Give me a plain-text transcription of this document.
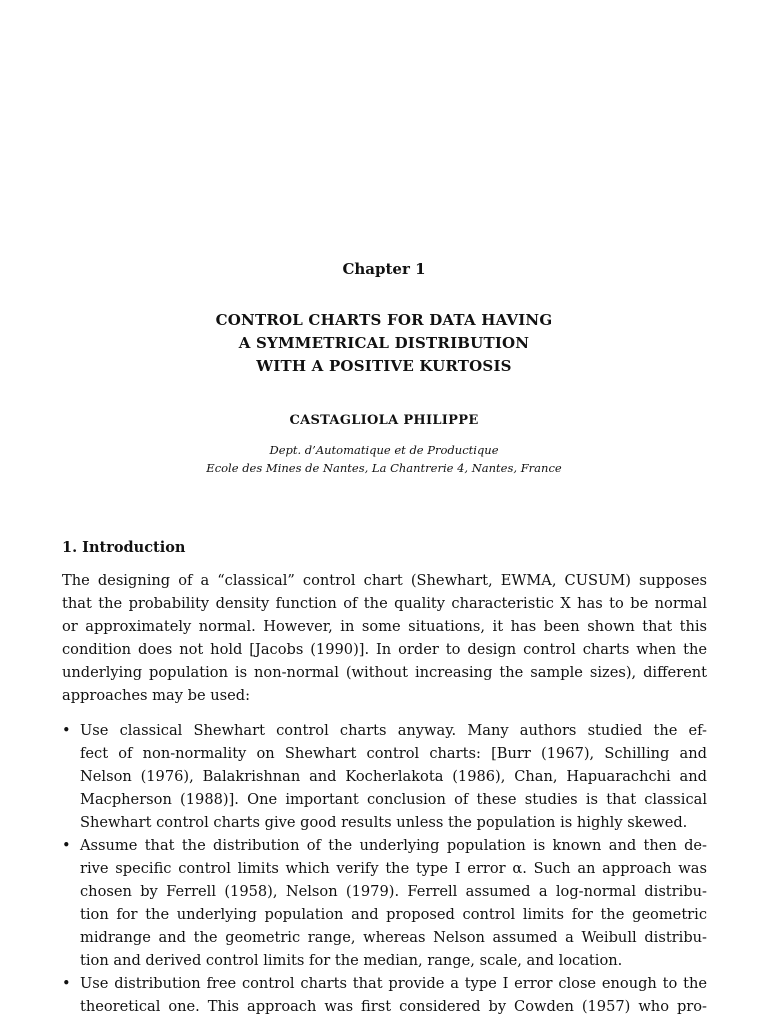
Chapter 1
CONTROL CHARTS FOR DATA HAVING
A SYMMETRICAL DISTRIBUTION
WITH A POSITIVE KURTOSIS
CASTAGLIOLA PHILIPPE
Dept. d’Automatique et de Productique
Ecole des Mines de Nantes, La Chantrerie 4, Nantes, France
1. Introduction
The designing of a “classical” control chart (Shewhart, EWMA, CUSUM) supposes
that the probability density function of the quality characteristic X has to be normal
or approximately normal. However, in some situations, it has been shown that this
condition does not hold [Jacobs (1990)]. In order to design control charts when the
underlying population is non-normal (without increasing the sample sizes), different
approaches may be used:
• Use classical Shewhart control charts anyway. Many authors studied the ef-
fect of non-normality on Shewhart control charts: [Burr (1967), Schilling and
Nelson (1976), Balakrishnan and Kocherlakota (1986), Chan, Hapuarachchi and
Macpherson (1988)]. One important conclusion of these studies is that classical
Shewhart control charts give good results unless the population is highly skewed.
• Assume that the distribution of the underlying population is known and then de-
rive specific control limits which verify the type I error α. Such an approach was
chosen by Ferrell (1958), Nelson (1979). Ferrell assumed a log-normal distribu-
tion for the underlying population and proposed control limits for the geometric
midrange and the geometric range, whereas Nelson assumed a Weibull distribu-
tion and derived control limits for the median, range, scale, and location.
• Use distribution free control charts that provide a type I error close enough to the
theoretical one. This approach was first considered by Cowden (1957) who pro-
